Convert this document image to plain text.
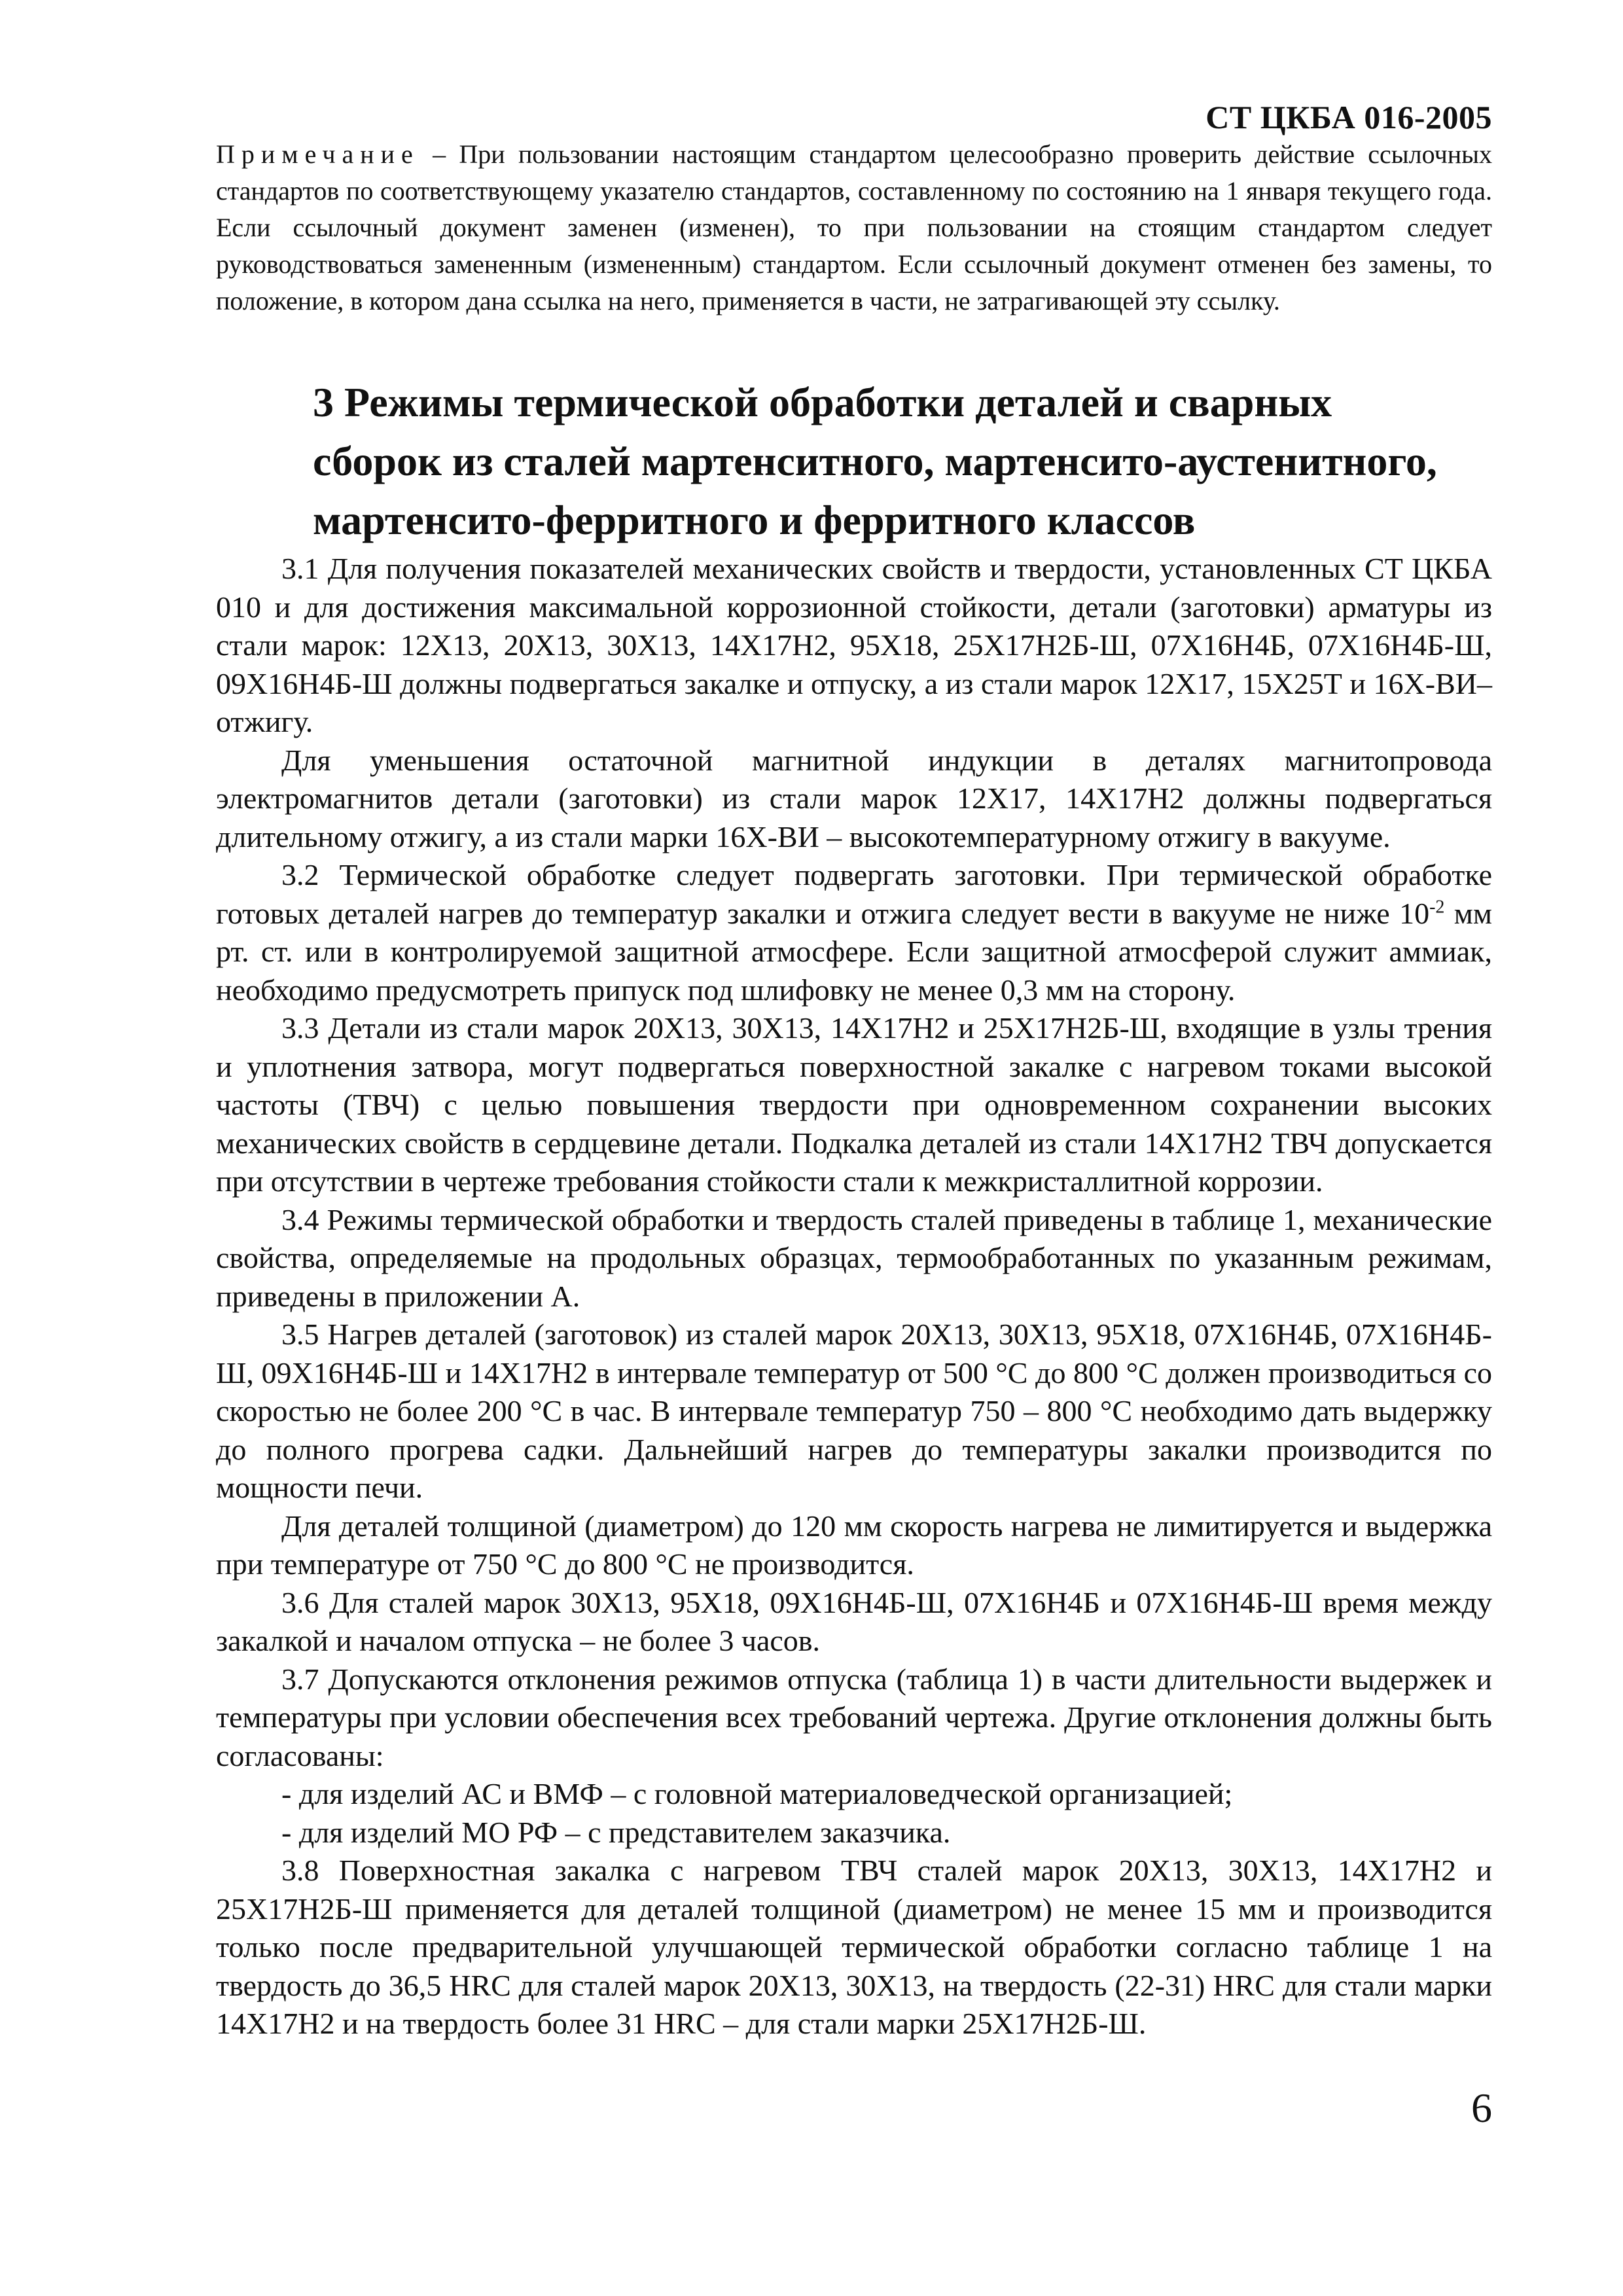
СТ ЦКБА 016-2005
Примечание – При пользовании настоящим стандартом целесообразно проверить действие ссылочных стандартов по соответствующему указателю стандартов, составленному по состоянию на 1 января текущего года. Если ссылочный документ заменен (изменен), то при пользовании на стоящим стандартом следует руководствоваться замененным (измененным) стандартом. Если ссылочный документ отменен без замены, то положение, в котором дана ссылка на него, применяется в части, не затрагивающей эту ссылку.
3 Режимы термической обработки деталей и сварных сборок из сталей мартенситного, мартенсито-аустенитного, мартенсито-ферритного и ферритного классов

3.1 Для получения показателей механических свойств и твердости, установленных СТ ЦКБА 010 и для достижения максимальной коррозионной стойкости, детали (заготовки) арматуры из стали марок: 12Х13, 20Х13, 30Х13, 14Х17Н2, 95Х18, 25Х17Н2Б-Ш, 07Х16Н4Б, 07Х16Н4Б-Ш, 09Х16Н4Б-Ш должны подвергаться закалке и отпуску, а из стали марок 12Х17, 15Х25Т и 16Х-ВИ– отжигу.

Для уменьшения остаточной магнитной индукции в деталях магнитопровода электромагнитов детали (заготовки) из стали марок 12Х17, 14Х17Н2 должны подвергаться длительному отжигу, а из стали марки 16Х-ВИ – высокотемпературному отжигу в вакууме.

3.2 Термической обработке следует подвергать заготовки. При термической обработке готовых деталей нагрев до температур закалки и отжига следует вести в вакууме не ниже $10^{-2}$ мм рт. ст. или в контролируемой защитной атмосфере. Если защитной атмосферой служит аммиак, необходимо предусмотреть припуск под шлифовку не менее 0,3 мм на сторону.

3.3 Детали из стали марок 20Х13, 30Х13, 14Х17Н2 и 25Х17Н2Б-Ш, входящие в узлы трения и уплотнения затвора, могут подвергаться поверхностной закалке с нагревом токами высокой частоты (ТВЧ) с целью повышения твердости при одновременном сохранении высоких механических свойств в сердцевине детали. Подкалка деталей из стали 14Х17Н2 ТВЧ допускается при отсутствии в чертеже требования стойкости стали к межкристаллитной коррозии.

3.4 Режимы термической обработки и твердость сталей приведены в таблице 1, механические свойства, определяемые на продольных образцах, термообработанных по указанным режимам, приведены в приложении А.

3.5 Нагрев деталей (заготовок) из сталей марок 20Х13, 30Х13, 95Х18, 07Х16Н4Б, 07Х16Н4Б-Ш, 09Х16Н4Б-Ш и 14Х17Н2 в интервале температур от 500 °С до 800 °С должен производиться со скоростью не более 200 °С в час. В интервале температур 750 – 800 °С необходимо дать выдержку до полного прогрева садки. Дальнейший нагрев до температуры закалки производится по мощности печи.

Для деталей толщиной (диаметром) до 120 мм скорость нагрева не лимитируется и выдержка при температуре от 750 °С до 800 °С не производится.

3.6 Для сталей марок 30Х13, 95Х18, 09Х16Н4Б-Ш, 07Х16Н4Б и 07Х16Н4Б-Ш время между закалкой и началом отпуска – не более 3 часов.

3.7 Допускаются отклонения режимов отпуска (таблица 1) в части длительности выдержек и температуры при условии обеспечения всех требований чертежа. Другие отклонения должны быть согласованы:

- для изделий АС и ВМФ – с головной материаловедческой организацией;

- для изделий МО РФ – с представителем заказчика.

3.8 Поверхностная закалка с нагревом ТВЧ сталей марок 20Х13, 30Х13, 14Х17Н2 и 25Х17Н2Б-Ш применяется для деталей толщиной (диаметром) не менее 15 мм и производится только после предварительной улучшающей термической обработки согласно таблице 1 на твердость до 36,5 HRC для сталей марок 20Х13, 30Х13, на твердость (22-31) HRC для стали марки 14Х17Н2 и на твердость более 31 HRC – для стали марки 25Х17Н2Б-Ш.

6
